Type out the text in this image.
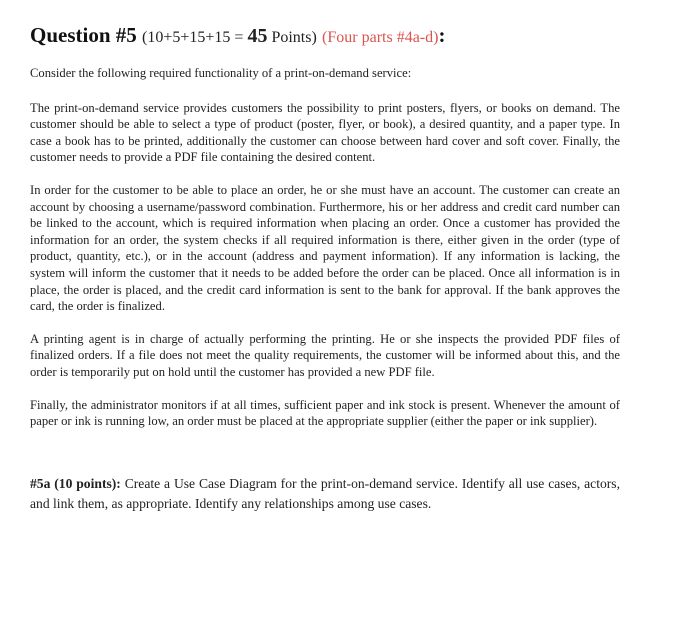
Question #5 (10+5+15+15 = 45 Points) (Four parts #4a-d):

Consider the following required functionality of a print-on-demand service:

The print-on-demand service provides customers the possibility to print posters, flyers, or books on demand. The customer should be able to select a type of product (poster, flyer, or book), a desired quantity, and a paper type. In case a book has to be printed, additionally the customer can choose between hard cover and soft cover. Finally, the customer needs to provide a PDF file containing the desired content.

In order for the customer to be able to place an order, he or she must have an account. The customer can create an account by choosing a username/password combination. Furthermore, his or her address and credit card number can be linked to the account, which is required information when placing an order. Once a customer has provided the information for an order, the system checks if all required information is there, either given in the order (type of product, quantity, etc.), or in the account (address and payment information). If any information is lacking, the system will inform the customer that it needs to be added before the order can be placed. Once all information is in place, the order is placed, and the credit card information is sent to the bank for approval. If the bank approves the card, the order is finalized.

A printing agent is in charge of actually performing the printing. He or she inspects the provided PDF files of finalized orders. If a file does not meet the quality requirements, the customer will be informed about this, and the order is temporarily put on hold until the customer has provided a new PDF file.

Finally, the administrator monitors if at all times, sufficient paper and ink stock is present. Whenever the amount of paper or ink is running low, an order must be placed at the appropriate supplier (either the paper or ink supplier).

#5a (10 points): Create a Use Case Diagram for the print-on-demand service. Identify all use cases, actors, and link them, as appropriate. Identify any relationships among use cases.
